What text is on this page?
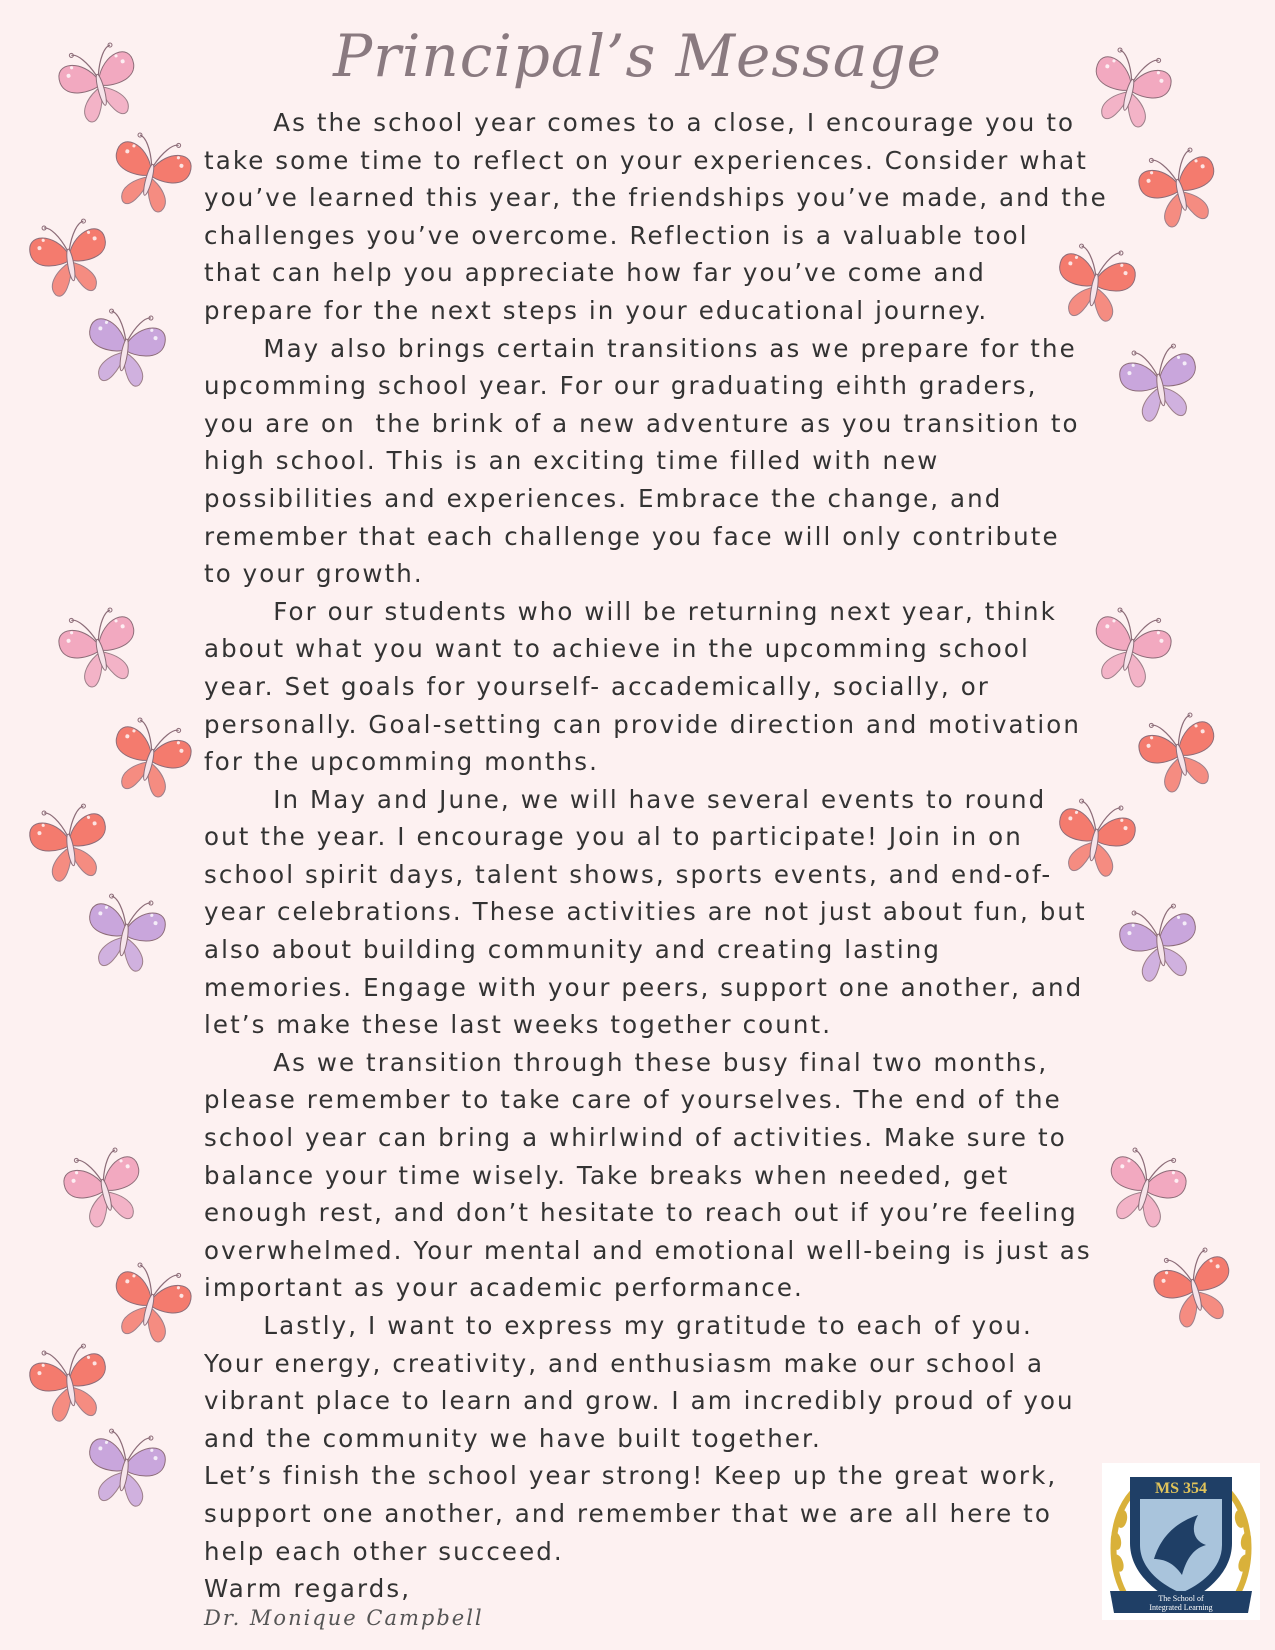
Principal’s Message
As the school year comes to a close, I encourage you to
take some time to reflect on your experiences. Consider what
you’ve learned this year, the friendships you’ve made, and the
challenges you’ve overcome. Reflection is a valuable tool
that can help you appreciate how far you’ve come and
prepare for the next steps in your educational journey.
May also brings certain transitions as we prepare for the
upcomming school year. For our graduating eihth graders,
you are on  the brink of a new adventure as you transition to
high school. This is an exciting time filled with new
possibilities and experiences. Embrace the change, and
remember that each challenge you face will only contribute
to your growth.
For our students who will be returning next year, think
about what you want to achieve in the upcomming school
year. Set goals for yourself- accademically, socially, or
personally. Goal-setting can provide direction and motivation
for the upcomming months.
In May and June, we will have several events to round
out the year. I encourage you al to participate! Join in on
school spirit days, talent shows, sports events, and end-of-
year celebrations. These activities are not just about fun, but
also about building community and creating lasting
memories. Engage with your peers, support one another, and
let’s make these last weeks together count.
As we transition through these busy final two months,
please remember to take care of yourselves. The end of the
school year can bring a whirlwind of activities. Make sure to
balance your time wisely. Take breaks when needed, get
enough rest, and don’t hesitate to reach out if you’re feeling
overwhelmed. Your mental and emotional well-being is just as
important as your academic performance.
Lastly, I want to express my gratitude to each of you.
Your energy, creativity, and enthusiasm make our school a
vibrant place to learn and grow. I am incredibly proud of you
and the community we have built together.
Let’s finish the school year strong! Keep up the great work,
support one another, and remember that we are all here to
help each other succeed.
Warm regards,
Dr. Monique Campbell
MS 354
The School of
Integrated Learning
